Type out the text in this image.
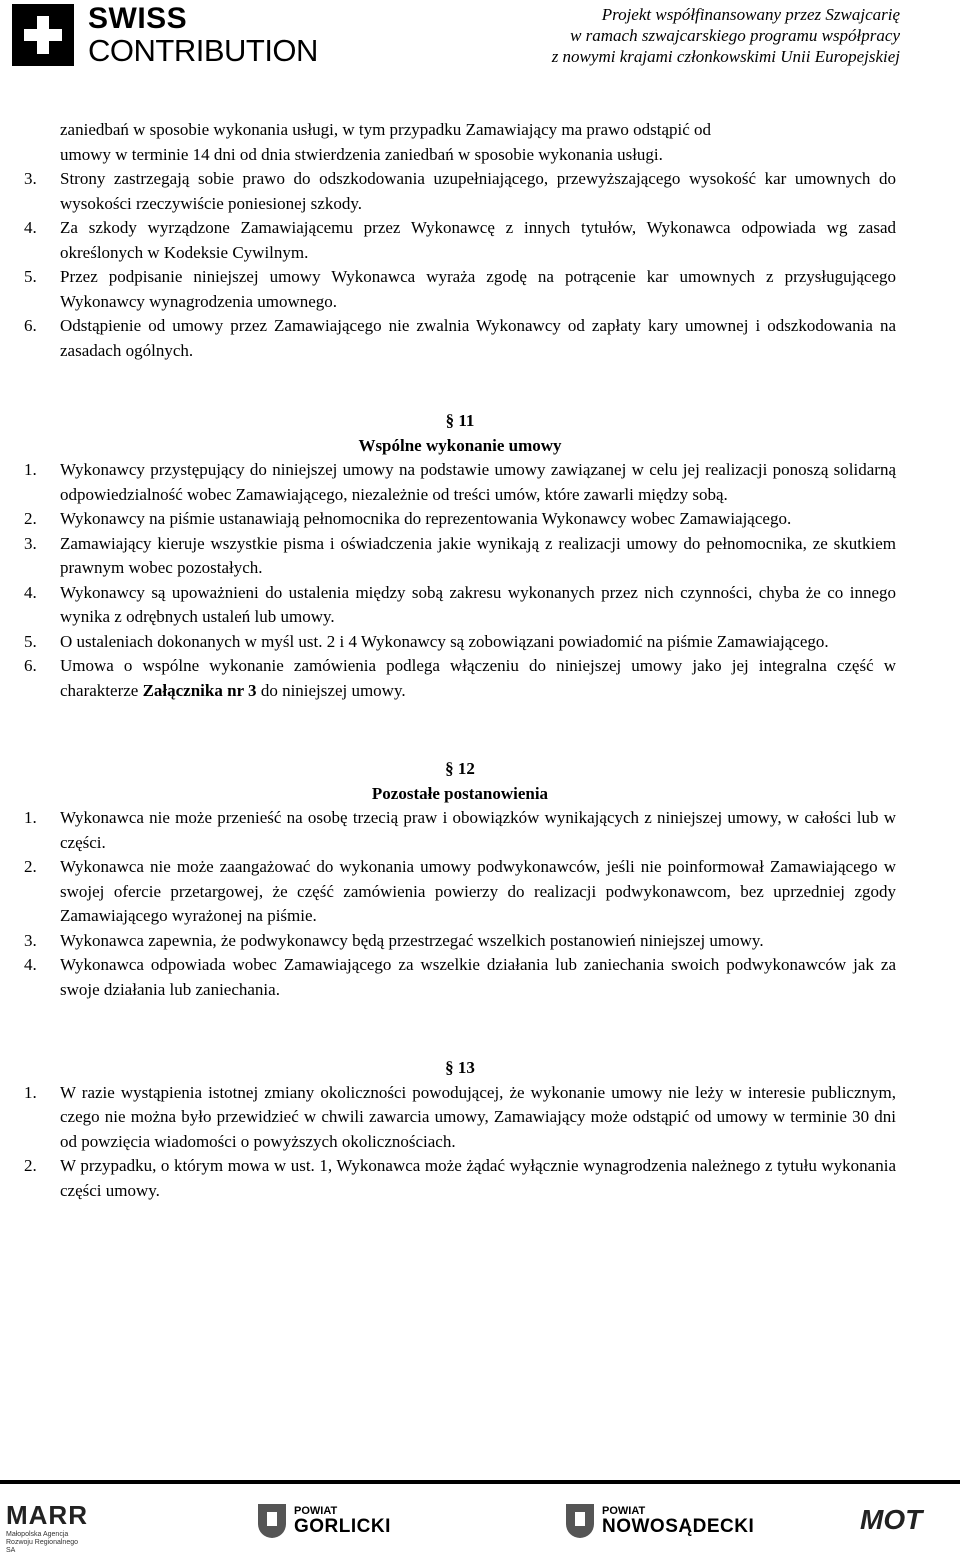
SWISS
CONTRIBUTION
Projekt współfinansowany przez Szwajcarię
w ramach szwajcarskiego programu współpracy
z nowymi krajami członkowskimi Unii Europejskiej
zaniedbań w sposobie wykonania usługi, w tym przypadku Zamawiający ma prawo odstąpić od
umowy w terminie 14 dni od dnia stwierdzenia zaniedbań w sposobie wykonania usługi.
3. Strony zastrzegają sobie prawo do odszkodowania uzupełniającego, przewyższającego wysokość kar umownych do wysokości rzeczywiście poniesionej szkody.
4. Za szkody wyrządzone Zamawiającemu przez Wykonawcę z innych tytułów, Wykonawca odpowiada wg zasad określonych w Kodeksie Cywilnym.
5. Przez podpisanie niniejszej umowy Wykonawca wyraża zgodę na potrącenie kar umownych z przysługującego Wykonawcy wynagrodzenia umownego.
6. Odstąpienie od umowy przez Zamawiającego nie zwalnia Wykonawcy od zapłaty kary umownej i odszkodowania na zasadach ogólnych.
§ 11
Wspólne wykonanie umowy
1. Wykonawcy przystępujący do niniejszej umowy na podstawie umowy zawiązanej w celu jej realizacji ponoszą solidarną odpowiedzialność wobec Zamawiającego, niezależnie od treści umów, które zawarli między sobą.
2. Wykonawcy na piśmie ustanawiają pełnomocnika do reprezentowania Wykonawcy wobec Zamawiającego.
3. Zamawiający kieruje wszystkie pisma i oświadczenia jakie wynikają z realizacji umowy do pełnomocnika, ze skutkiem prawnym wobec pozostałych.
4. Wykonawcy są upoważnieni do ustalenia między sobą zakresu wykonanych przez nich czynności, chyba że co innego wynika z odrębnych ustaleń lub umowy.
5. O ustaleniach dokonanych w myśl ust. 2 i 4 Wykonawcy są zobowiązani powiadomić na piśmie Zamawiającego.
6. Umowa o wspólne wykonanie zamówienia podlega włączeniu do niniejszej umowy jako jej integralna część w charakterze Załącznika nr 3 do niniejszej umowy.
§ 12
Pozostałe postanowienia
1. Wykonawca nie może przenieść na osobę trzecią praw i obowiązków wynikających z niniejszej umowy, w całości lub w części.
2. Wykonawca nie może zaangażować do wykonania umowy podwykonawców, jeśli nie poinformował Zamawiającego w swojej ofercie przetargowej, że część zamówienia powierzy do realizacji podwykonawcom, bez uprzedniej zgody Zamawiającego wyrażonej na piśmie.
3. Wykonawca zapewnia, że podwykonawcy będą przestrzegać wszelkich postanowień niniejszej umowy.
4. Wykonawca odpowiada wobec Zamawiającego za wszelkie działania lub zaniechania swoich podwykonawców jak za swoje działania lub zaniechania.
§ 13
1. W razie wystąpienia istotnej zmiany okoliczności powodującej, że wykonanie umowy nie leży w interesie publicznym, czego nie można było przewidzieć w chwili zawarcia umowy, Zamawiający może odstąpić od umowy w terminie 30 dni od powzięcia wiadomości o powyższych okolicznościach.
2. W przypadku, o którym mowa w ust. 1, Wykonawca może żądać wyłącznie wynagrodzenia należnego z tytułu wykonania części umowy.
MARR
Małopolska Agencja Rozwoju Regionalnego SA
POWIAT
GORLICKI
POWIAT
NOWOSĄDECKI	MOT
